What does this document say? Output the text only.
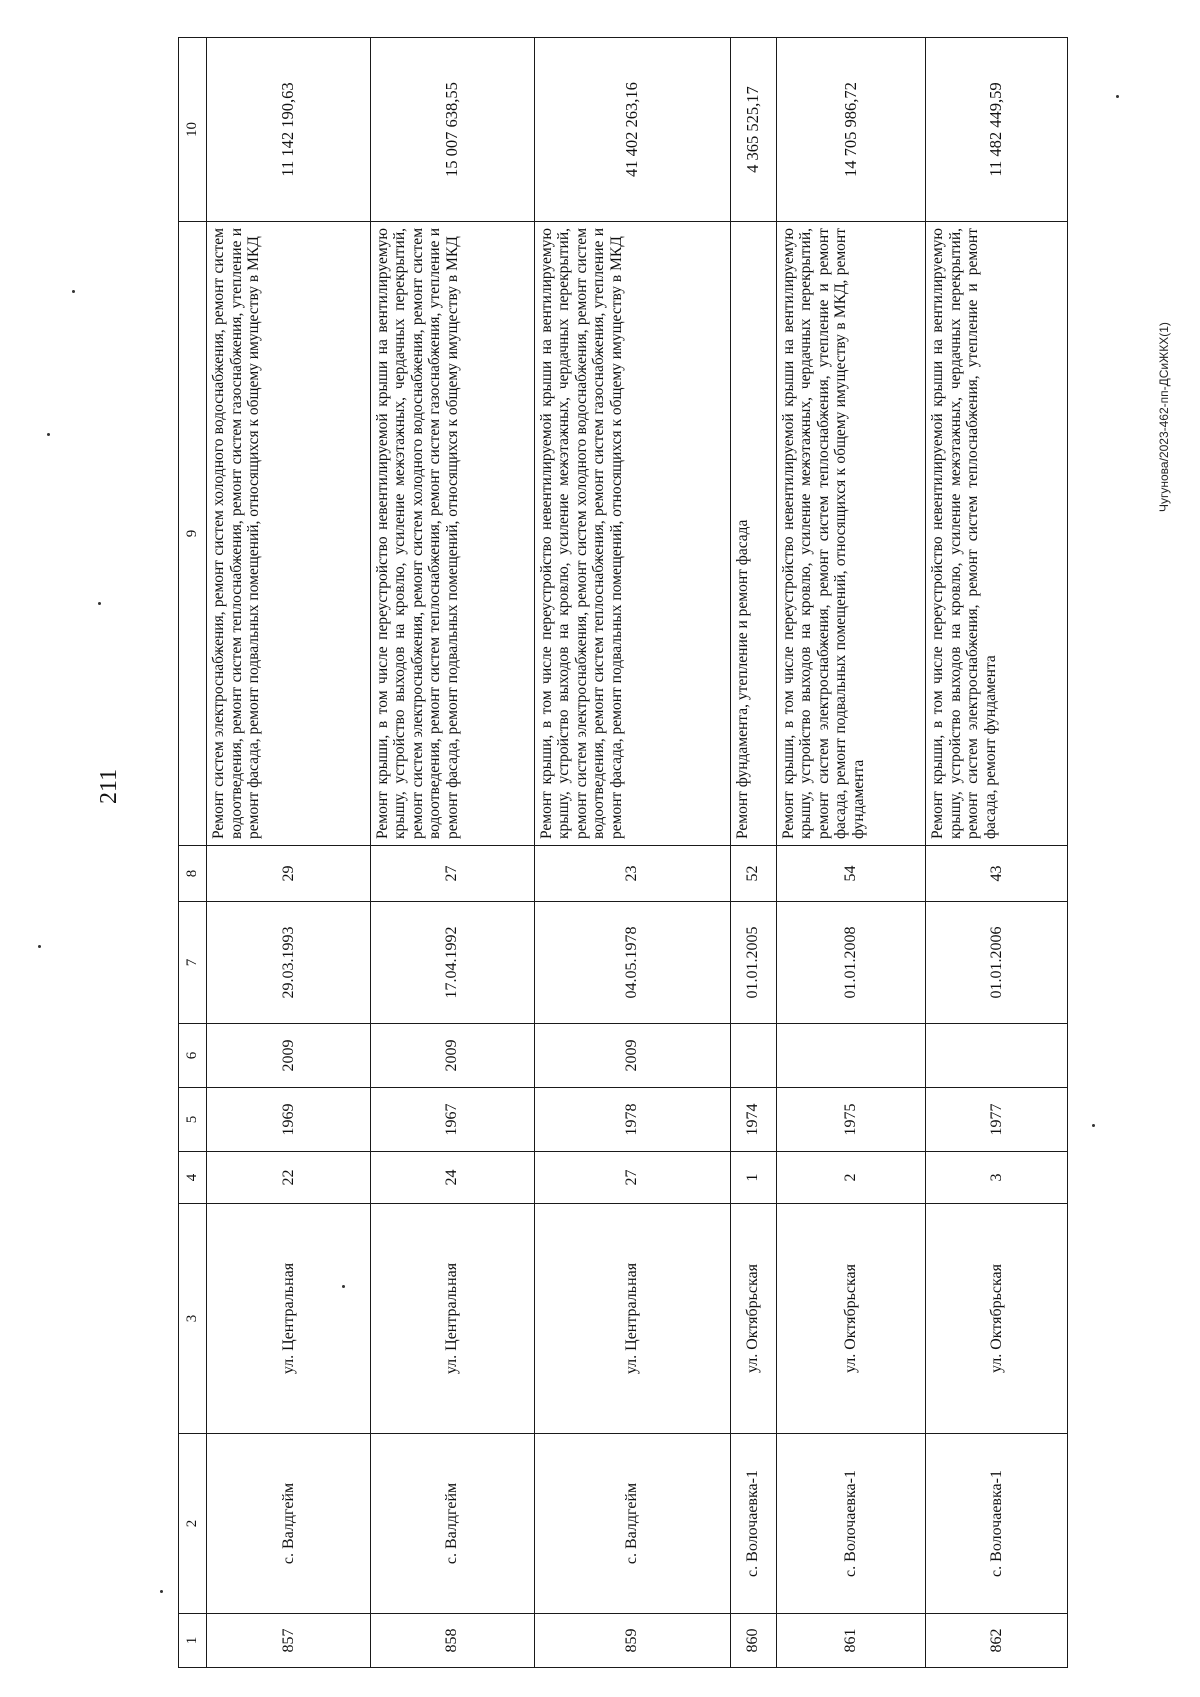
211
Чугунова/2023-462-пп-ДСиЖКХ(1)
1	2	3	4	5	6	7	8	9	10
857	с. Валдгейм	ул. Центральная	22	1969	2009	29.03.1993	29	Ремонт систем электроснабжения, ремонт систем холодного водоснабжения, ремонт систем водоотведения, ремонт систем теплоснабжения, ремонт систем газоснабжения, утепление и ремонт фасада, ремонт подвальных помещений, относящихся к общему имуществу в МКД	11 142 190,63
858	с. Валдгейм	ул. Центральная	24	1967	2009	17.04.1992	27	Ремонт крыши, в том числе переустройство невентилируемой крыши на вентилируемую крышу, устройство выходов на кровлю, усиление межэтажных, чердачных перекрытий, ремонт систем электроснабжения, ремонт систем холодного водоснабжения, ремонт систем водоотведения, ремонт систем теплоснабжения, ремонт систем газоснабжения, утепление и ремонт фасада, ремонт подвальных помещений, относящихся к общему имуществу в МКД	15 007 638,55
859	с. Валдгейм	ул. Центральная	27	1978	2009	04.05.1978	23	Ремонт крыши, в том числе переустройство невентилируемой крыши на вентилируемую крышу, устройство выходов на кровлю, усиление межэтажных, чердачных перекрытий, ремонт систем электроснабжения, ремонт систем холодного водоснабжения, ремонт систем водоотведения, ремонт систем теплоснабжения, ремонт систем газоснабжения, утепление и ремонт фасада, ремонт подвальных помещений, относящихся к общему имуществу в МКД	41 402 263,16
860	с. Волочаевка-1	ул. Октябрьская	1	1974		01.01.2005	52	Ремонт фундамента, утепление и ремонт фасада	4 365 525,17
861	с. Волочаевка-1	ул. Октябрьская	2	1975		01.01.2008	54	Ремонт крыши, в том числе переустройство невентилируемой крыши на вентилируемую крышу, устройство выходов на кровлю, усиление межэтажных, чердачных перекрытий, ремонт систем электроснабжения, ремонт систем теплоснабжения, утепление и ремонт фасада, ремонт подвальных помещений, относящихся к общему имуществу в МКД, ремонт фундамента	14 705 986,72
862	с. Волочаевка-1	ул. Октябрьская	3	1977		01.01.2006	43	Ремонт крыши, в том числе переустройство невентилируемой крыши на вентилируемую крышу, устройство выходов на кровлю, усиление межэтажных, чердачных перекрытий, ремонт систем электроснабжения, ремонт систем теплоснабжения, утепление и ремонт фасада, ремонт фундамента	11 482 449,59
